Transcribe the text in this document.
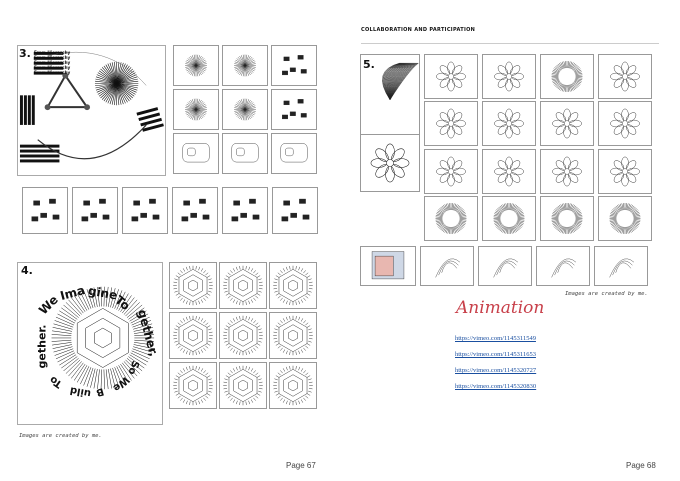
3. From Hierarchy
From Hierarchy
From Hierarchy
From Hierarchy
From Hierarchy
4.
We
Ima gine
To
gether,
So
We
B
uild
To
gether.
Images are created by me.
Page 67
COLLABORATION AND PARTICIPATION
5.
Images are created by me.
Animation
https://vimeo.com/1145311549
https://vimeo.com/1145311653
https://vimeo.com/1145320727
https://vimeo.com/1145320830
Page 68
